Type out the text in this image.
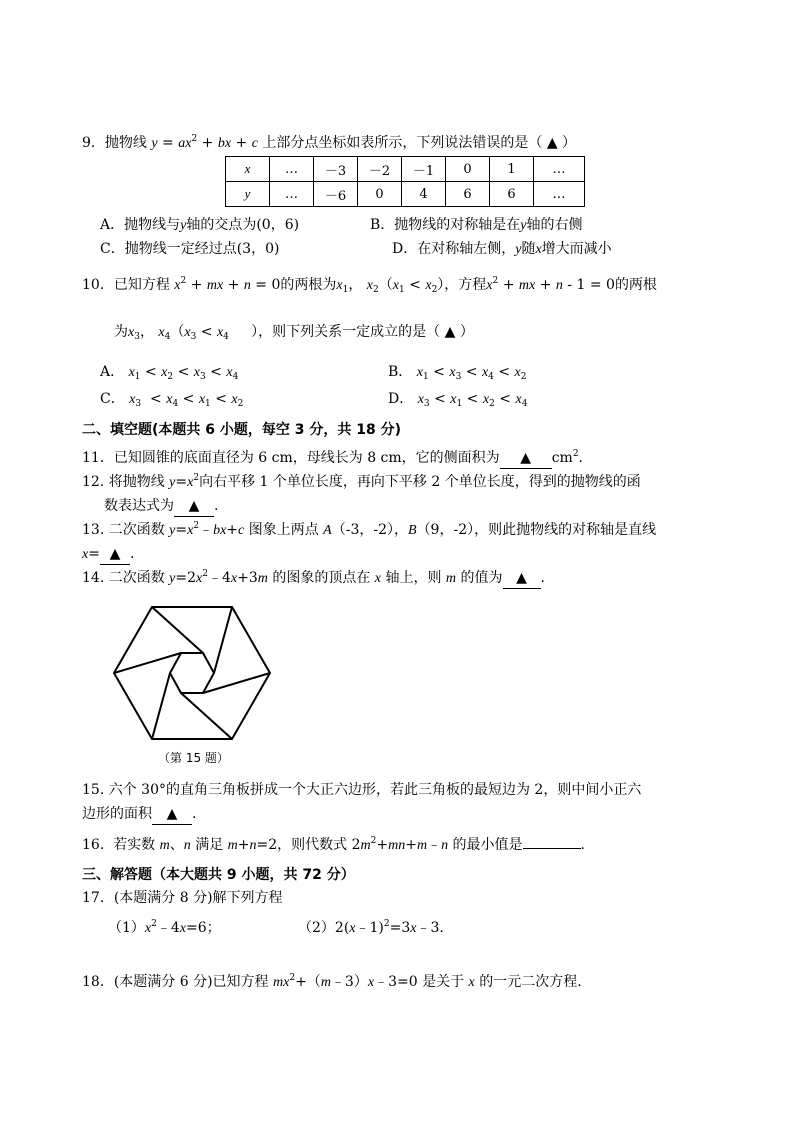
9．抛物线 $y = ax^2$ + bx + c 上部分点坐标如表所示，下列说法错误的是（ ▲ ）
x	…	－3	－2	－1	0	1	…
y	…	－6	0	4	6	6	…
A．抛物线与y轴的交点为(0，6)	B．抛物线的对称轴是在y轴的右侧
C．抛物线一定经过点(3，0)	D．在对称轴左侧，y随x增大而减小
10．已知方程 $x^2$ + mx + n = 0的两根为$x_1$， $x_2(x_1 < x_2)$，方程$x^2$ + mx + n - 1 = 0的两根
为$x_3$， $x_4(x_3 < x_4$ ），则下列关系一定成立的是（ ▲ ）
A． $x_1 < x_2 < x_3 < x_4$	B． $x_1 < x_3 < x_4 < x_2$
C． $x_3 < x_4 < x_1 < x_2$	D． $x_3 < x_1 < x_2 < x_4$
二、填空题(本题共 6 小题，每空 3 分，共 18 分)
11．已知圆锥的底面直径为 6 cm，母线长为 8 cm，它的侧面积为 ▲ $cm^2$.
12. 将抛物线 $y=x^2$向右平移 1 个单位长度，再向下平移 2 个单位长度，得到的抛物线的函
数表达式为 ▲ .
13. 二次函数 $y=x^2﹣bx+c$ 图象上两点 A（-3，-2），B（9，-2），则此抛物线的对称轴是直线
x= ▲ .
14. 二次函数 $y=2x^2﹣4x+3m$ 的图象的顶点在 x 轴上，则 m 的值为 ▲ .
（第 15 题）
15. 六个 30°的直角三角板拼成一个大正六边形，若此三角板的最短边为 2，则中间小正六
边形的面积 ▲ .
16. 若实数 m、n 满足 m+n=2，则代数式 $2m^2+mn+m﹣n$ 的最小值是	.
三、解答题（本大题共 9 小题，共 72 分）
17．(本题满分 8 分)解下列方程
$(1)x^2﹣4x=6$；	（2）2(x﹣1)$^2$=3x﹣3．
18．(本题满分 6 分)已知方程 $mx^2+(m﹣3)x﹣3=0$ 是关于 x 的一元二次方程.
